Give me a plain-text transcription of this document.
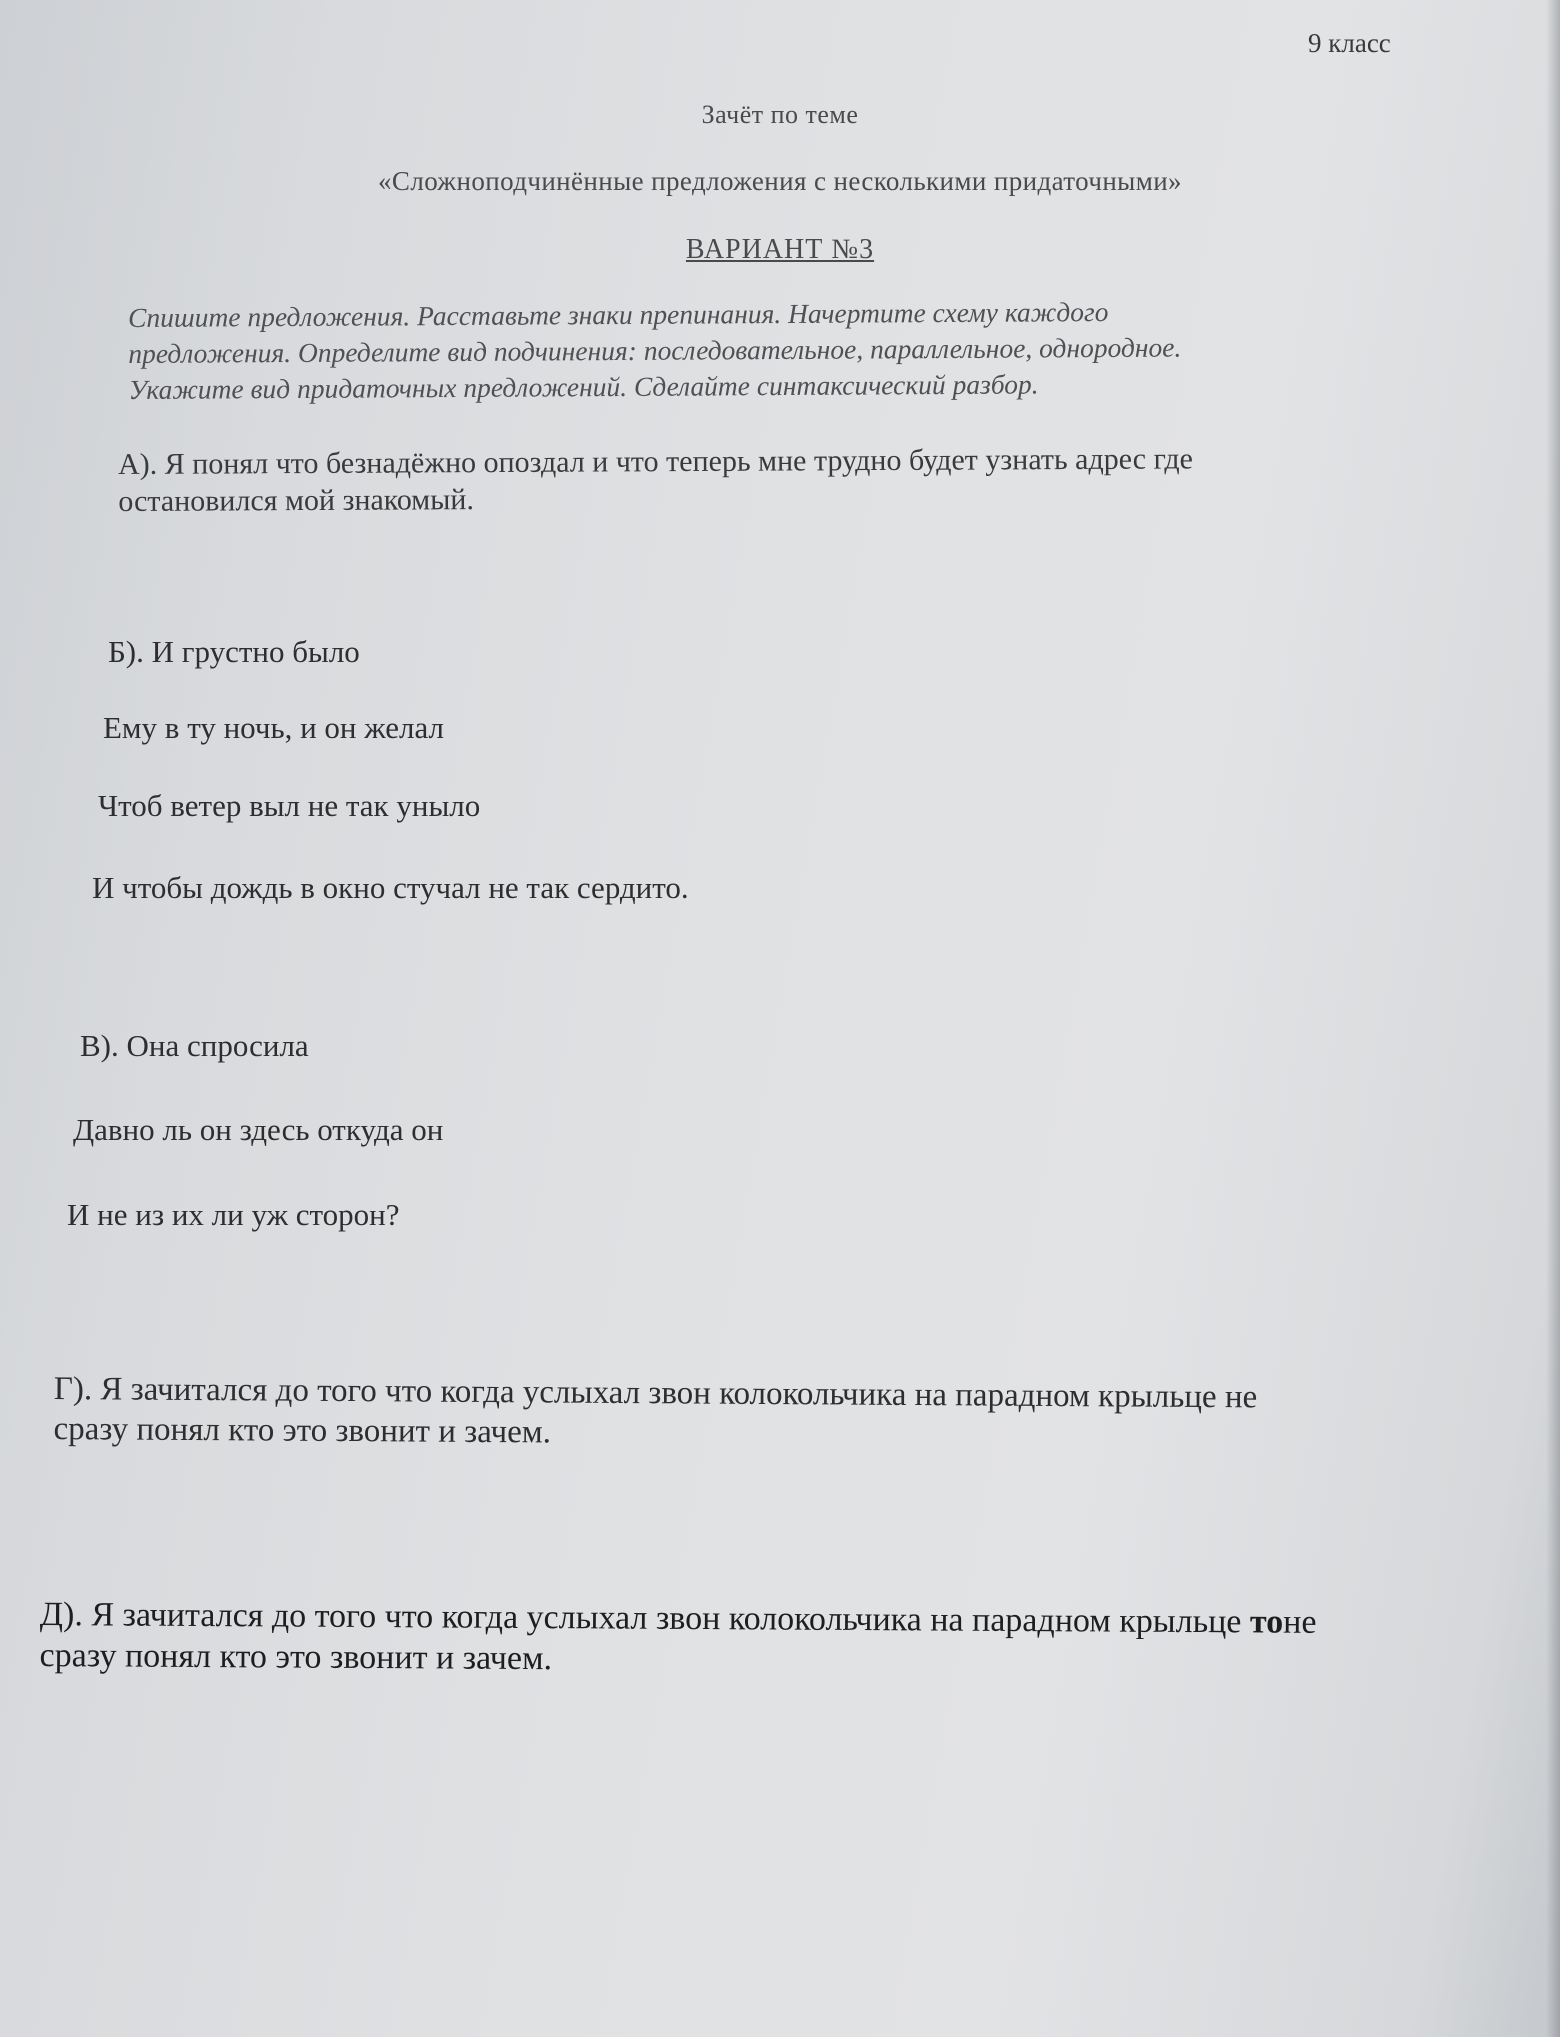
9 класс
Зачёт по теме
«Сложноподчинённые предложения с несколькими придаточными»
ВАРИАНТ №3
Спишите предложения. Расставьте знаки препинания. Начертите схему каждого
предложения. Определите вид подчинения: последовательное, параллельное, однородное.
Укажите вид придаточных предложений. Сделайте синтаксический разбор.
А). Я понял что безнадёжно опоздал и что теперь мне трудно будет узнать адрес где
остановился мой знакомый.
Б). И грустно было
Ему в ту ночь, и он желал
Чтоб ветер выл не так уныло
И чтобы дождь в окно стучал не так сердито.
В). Она спросила
Давно ль он здесь откуда он
И не из их ли уж сторон?
Г). Я зачитался до того что когда услыхал звон колокольчика на парадном крыльце не
сразу понял кто это звонит и зачем.
Д). Я зачитался до того что когда услыхал звон колокольчика на парадном крыльце тоне
сразу понял кто это звонит и зачем.
